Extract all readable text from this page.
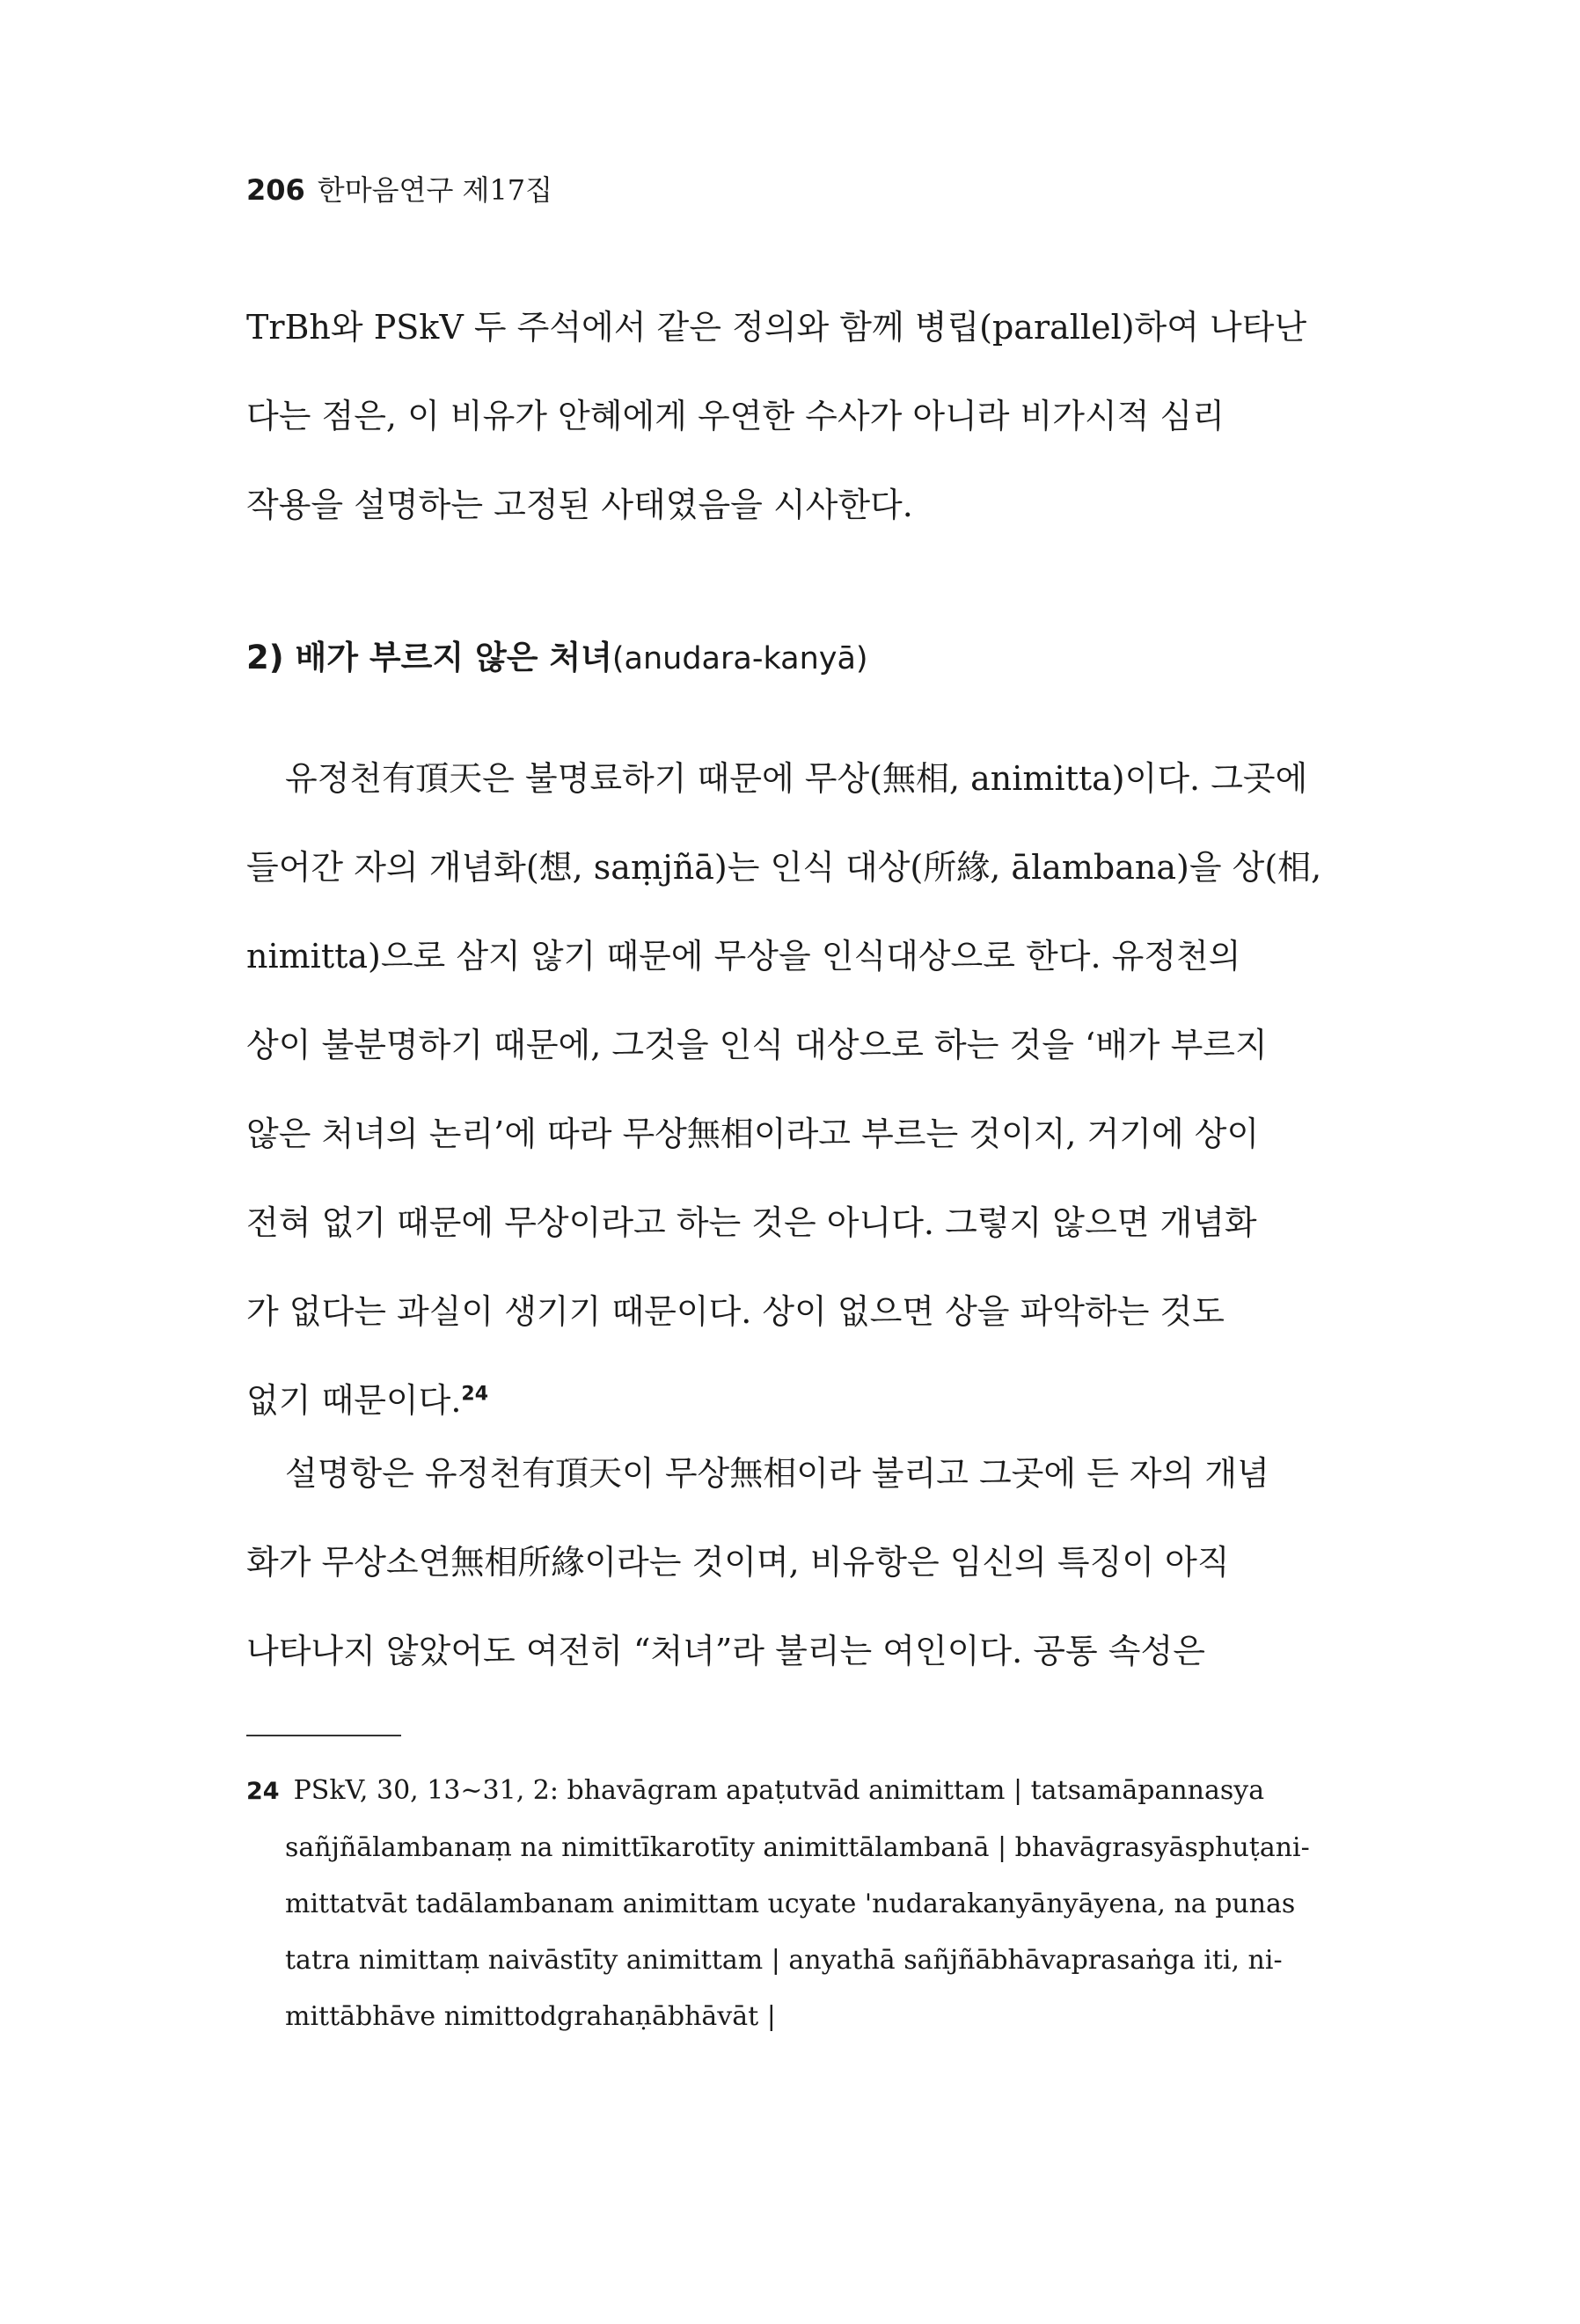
206 한마음연구 제17집

TrBh와 PSkV 두 주석에서 같은 정의와 함께 병립(parallel)하여 나타난
다는 점은, 이 비유가 안혜에게 우연한 수사가 아니라 비가시적 심리
작용을 설명하는 고정된 사태였음을 시사한다.

2) 배가 부르지 않은 처녀(anudara-kanyā)

유정천有頂天은 불명료하기 때문에 무상(無相, animitta)이다. 그곳에
들어간 자의 개념화(想, saṃjñā)는 인식 대상(所緣, ālambana)을 상(相,
nimitta)으로 삼지 않기 때문에 무상을 인식대상으로 한다. 유정천의
상이 불분명하기 때문에, 그것을 인식 대상으로 하는 것을 ‘배가 부르지
않은 처녀의 논리’에 따라 무상無相이라고 부르는 것이지, 거기에 상이
전혀 없기 때문에 무상이라고 하는 것은 아니다. 그렇지 않으면 개념화
가 없다는 과실이 생기기 때문이다. 상이 없으면 상을 파악하는 것도
없기 때문이다.$^{24}$

설명항은 유정천有頂天이 무상無相이라 불리고 그곳에 든 자의 개념
화가 무상소연無相所緣이라는 것이며, 비유항은 임신의 특징이 아직
나타나지 않았어도 여전히 “처녀”라 불리는 여인이다. 공통 속성은

24 PSkV, 30, 13~31, 2: bhavāgram apaṭutvād animittam | tatsamāpannasya
sañjñālambanaṃ na nimittīkarotīty animittālambanā | bhavāgrasyāsphuṭani-
mittatvāt tadālambanam animittam ucyate 'nudarakanyānyāyena, na punas
tatra nimittaṃ naivāstīty animittam | anyathā sañjñābhāvaprasaṅga iti, ni-
mittābhāve nimittodgrahaṇābhāvāt |
